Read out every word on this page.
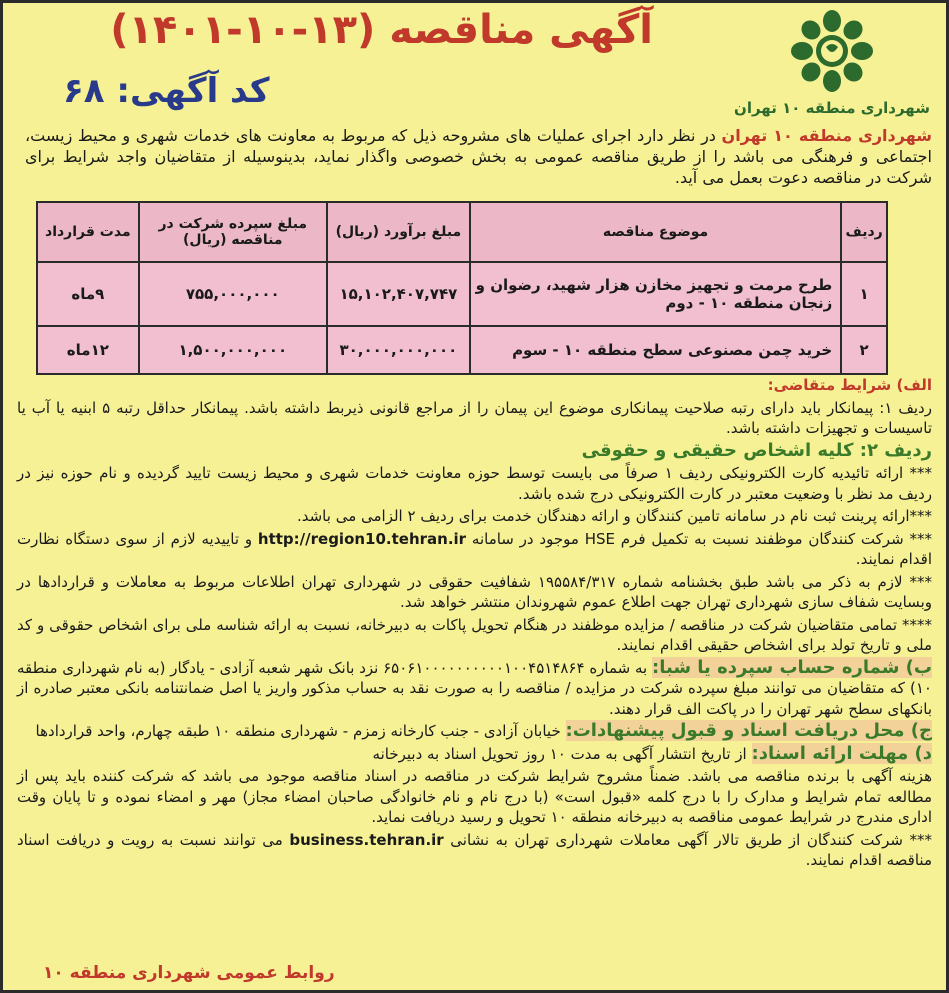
شهرداری منطقه ۱۰ تهران
آگهی مناقصه (۱۳-۱۰-۱۴۰۱)
کد آگهی: ۶۸
شهرداری منطقه ۱۰ تهران در نظر دارد اجرای عملیات های مشروحه ذیل که مربوط به معاونت های خدمات شهری و محیط زیست، اجتماعی و فرهنگی می باشد را از طریق مناقصه عمومی به بخش خصوصی واگذار نماید، بدینوسیله از متقاضیان واجد شرایط برای شرکت در مناقصه دعوت بعمل می آید.
ردیف	موضوع مناقصه	مبلغ برآورد (ریال)	مبلغ سپرده شرکت در مناقصه (ریال)	مدت قرارداد
۱	طرح مرمت و تجهیز مخازن هزار شهید، رضوان و زنجان منطقه ۱۰ - دوم	۱۵,۱۰۲,۴۰۷,۷۴۷	۷۵۵,۰۰۰,۰۰۰	۹ماه
۲	خرید چمن مصنوعی سطح منطقه ۱۰ - سوم	۳۰,۰۰۰,۰۰۰,۰۰۰	۱,۵۰۰,۰۰۰,۰۰۰	۱۲ماه

الف) شرایط متقاضی:

ردیف ۱: پیمانکار باید دارای رتبه صلاحیت پیمانکاری موضوع این پیمان را از مراجع قانونی ذیربط داشته باشد. پیمانکار حداقل رتبه ۵ ابنیه یا آب یا تاسیسات و تجهیزات داشته باشد.

ردیف ۲: کلیه اشخاص حقیقی و حقوقی

*** ارائه تائیدیه کارت الکترونیکی ردیف ۱ صرفاً می بایست توسط حوزه معاونت خدمات شهری و محیط زیست تایید گردیده و نام حوزه نیز در ردیف مد نظر با وضعیت معتبر در کارت الکترونیکی درج شده باشد.

***ارائه پرینت ثبت نام در سامانه تامین کنندگان و ارائه دهندگان خدمت برای ردیف ۲ الزامی می باشد.

*** شرکت کنندگان موظفند نسبت به تکمیل فرم HSE موجود در سامانه http://region10.tehran.ir و تاییدیه لازم از سوی دستگاه نظارت اقدام نمایند.

*** لازم به ذکر می باشد طبق بخشنامه شماره ۱۹۵۵۸۴/۳۱۷ شفافیت حقوقی در شهرداری تهران اطلاعات مربوط به معاملات و قراردادها در وبسایت شفاف سازی شهرداری تهران جهت اطلاع عموم شهروندان منتشر خواهد شد.

**** تمامی متقاضیان شرکت در مناقصه / مزایده موظفند در هنگام تحویل پاکات به دبیرخانه، نسبت به ارائه شناسه ملی برای اشخاص حقوقی و کد ملی و تاریخ تولد برای اشخاص حقیقی اقدام نمایند.

ب) شماره حساب سپرده یا شبا: به شماره ۶۵۰۶۱۰۰۰۰۰۰۰۰۰۰۱۰۰۴۵۱۴۸۶۴ نزد بانک شهر شعبه آزادی - یادگار (به نام شهرداری منطقه ۱۰) که متقاضیان می توانند مبلغ سپرده شرکت در مزایده / مناقصه را به صورت نقد به حساب مذکور واریز یا اصل ضمانتنامه بانکی معتبر صادره از بانکهای سطح شهر تهران را در پاکت الف قرار دهند.

ج) محل دریافت اسناد و قبول پیشنهادات: خیابان آزادی - جنب کارخانه زمزم - شهرداری منطقه ۱۰ طبقه چهارم، واحد قراردادها

د) مهلت ارائه اسناد: از تاریخ انتشار آگهی به مدت ۱۰ روز تحویل اسناد به دبیرخانه

هزینه آگهی با برنده مناقصه می باشد. ضمناً مشروح شرایط شرکت در مناقصه در اسناد مناقصه موجود می باشد که شرکت کننده باید پس از مطالعه تمام شرایط و مدارک را با درج کلمه «قبول است» (با درج نام و نام خانوادگی صاحبان امضاء مجاز) مهر و امضاء نموده و تا پایان وقت اداری مندرج در شرایط عمومی مناقصه به دبیرخانه منطقه ۱۰ تحویل و رسید دریافت نماید.

*** شرکت کنندگان از طریق تالار آگهی معاملات شهرداری تهران به نشانی business.tehran.ir می توانند نسبت به رویت و دریافت اسناد مناقصه اقدام نمایند.

روابط عمومی شهرداری منطقه ۱۰
